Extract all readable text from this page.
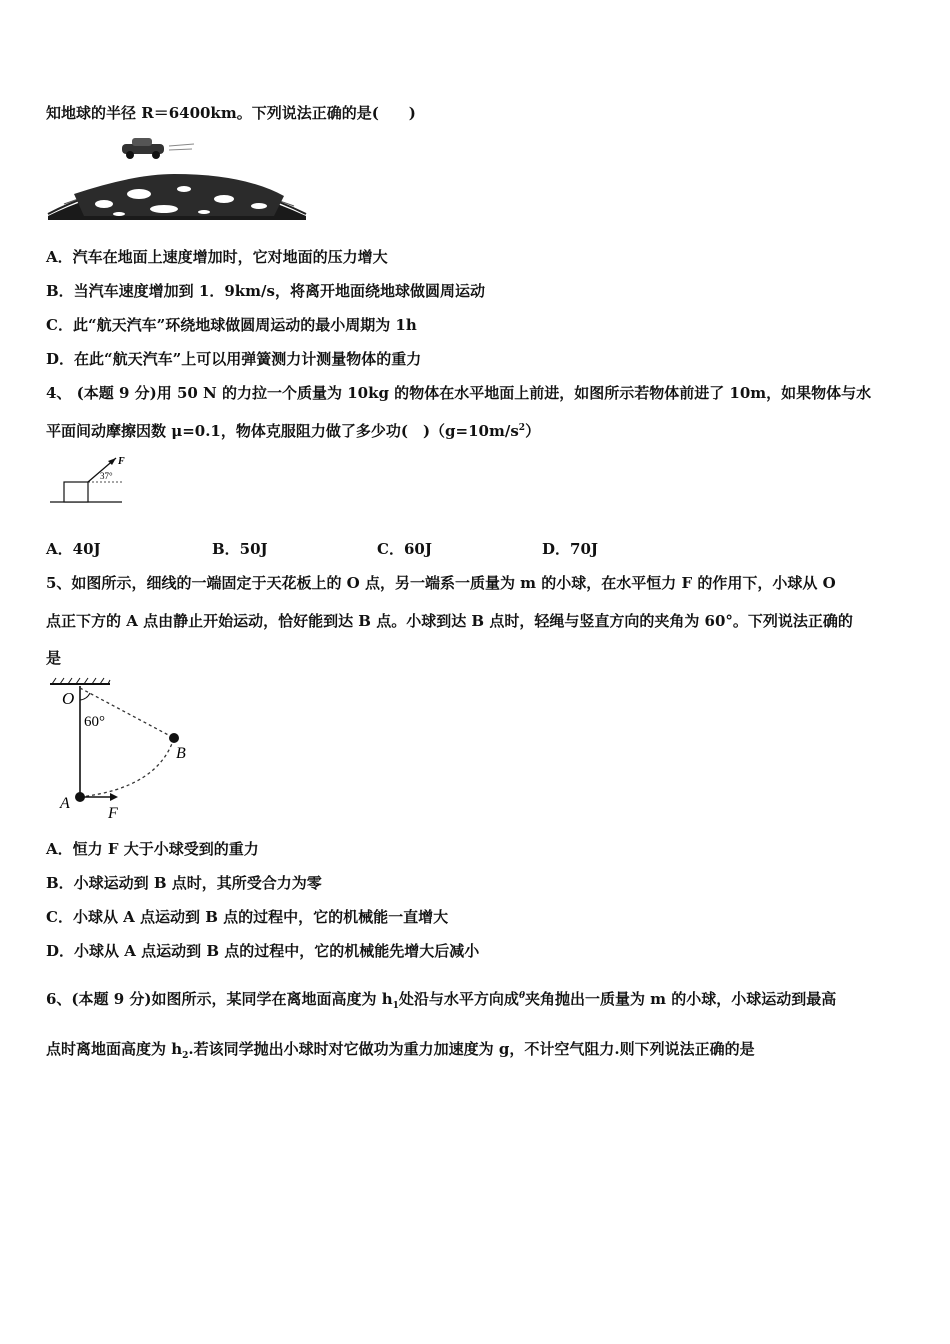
知地球的半径 R＝6400km。下列说法正确的是(　　)
A．汽车在地面上速度增加时，它对地面的压力增大
B．当汽车速度增加到 1．9km/s，将离开地面绕地球做圆周运动
C．此“航天汽车”环绕地球做圆周运动的最小周期为 1h
D．在此“航天汽车”上可以用弹簧测力计测量物体的重力
4、 (本题 9 分)用 50 N 的力拉一个质量为 10kg 的物体在水平地面上前进，如图所示若物体前进了 10m，如果物体与水
平面间动摩擦因数 μ=0.1，物体克服阻力做了多少功(　)$(g=10m/s^2)$
F
37°
A．40J	B．50J	C．60J	D．70J
5、如图所示，细线的一端固定于天花板上的 O 点，另一端系一质量为 m 的小球，在水平恒力 F 的作用下，小球从 O
点正下方的 A 点由静止开始运动，恰好能到达 B 点。小球到达 B 点时，轻绳与竖直方向的夹角为 60°。下列说法正确的
是
O
60°
B
A
F
A．恒力 F 大于小球受到的重力
B．小球运动到 B 点时，其所受合力为零
C．小球从 A 点运动到 B 点的过程中，它的机械能一直增大
D．小球从 A 点运动到 B 点的过程中，它的机械能先增大后减小
6、(本题 9 分)如图所示，某同学在离地面高度为 $h_1$处沿与水平方向成$^\theta$夹角抛出一质量为 m 的小球，小球运动到最高
点时离地面高度为 $h_2$.若该同学抛出小球时对它做功为重力加速度为 g，不计空气阻力.则下列说法正确的是
